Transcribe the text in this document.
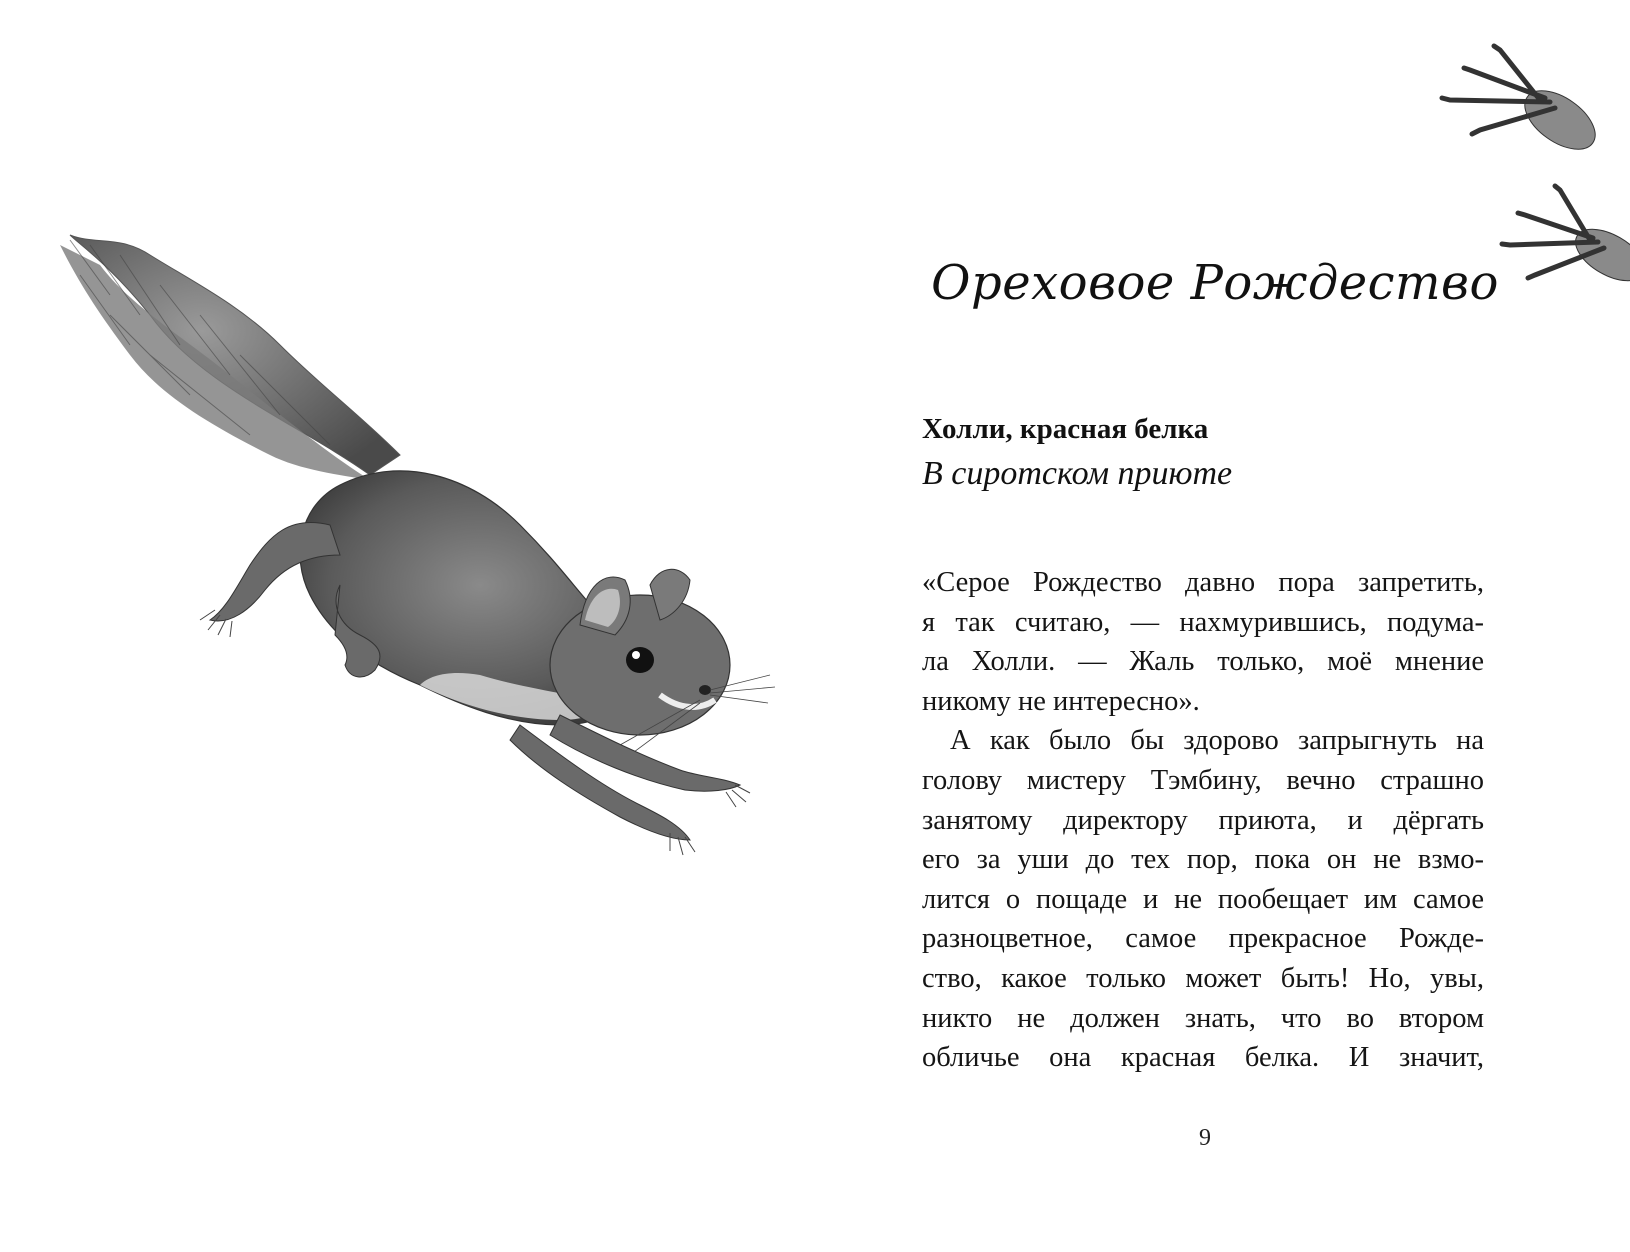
Ореховое Рождество
Холли, красная белка
В сиротском приюте
«Серое Рождество давно пора запретить,
я так считаю, — нахмурившись, подума-
ла Холли. — Жаль только, моё мнение
никому не интересно».
А как было бы здорово запрыгнуть на
голову мистеру Тэмбину, вечно страшно
занятому директору приюта, и дёргать
его за уши до тех пор, пока он не взмо-
лится о пощаде и не пообещает им самое
разноцветное, самое прекрасное Рожде-
ство, какое только может быть! Но, увы,
никто не должен знать, что во втором
обличье она красная белка. И значит,
9
